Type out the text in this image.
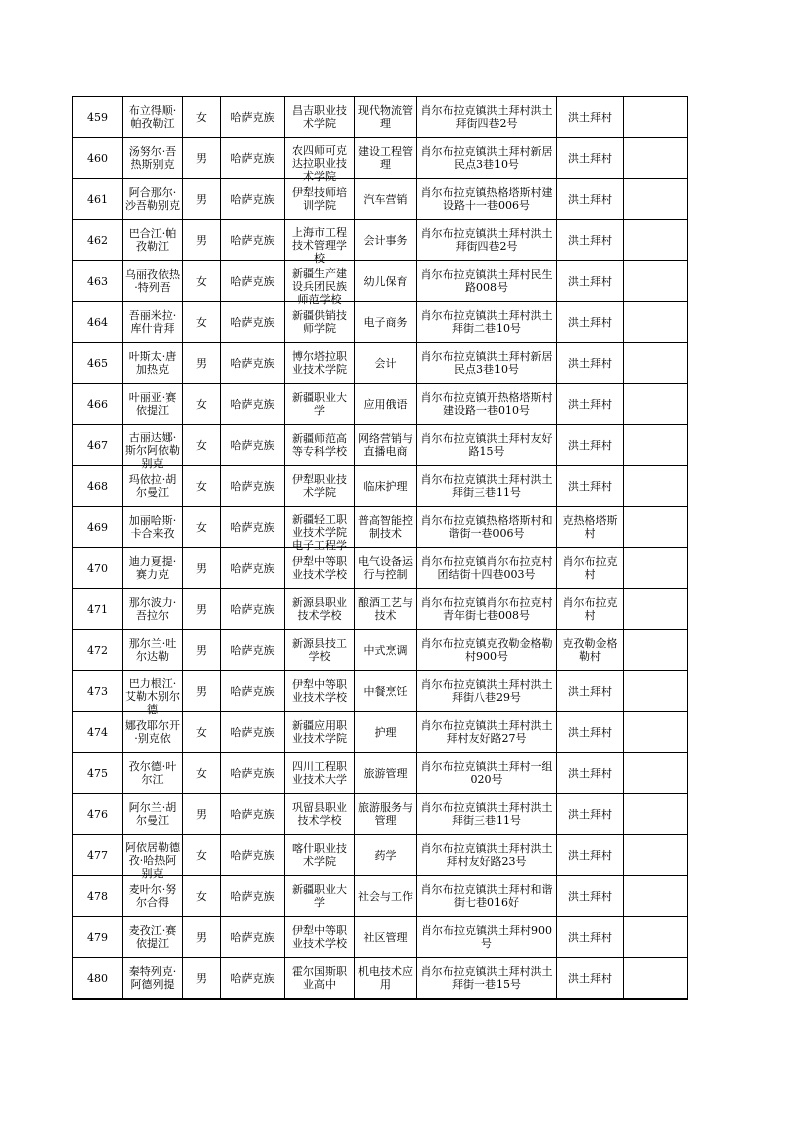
459	布立得顺·帕孜勒江	女	哈萨克族	昌吉职业技术学院	现代物流管理	肖尔布拉克镇洪土拜村洪土拜街四巷2号	洪土拜村	

460	汤努尔·吾热斯别克	男	哈萨克族	农四师可克达拉职业技术学院	建设工程管理	肖尔布拉克镇洪土拜村新居民点3巷10号	洪土拜村	

461	阿合那尔·沙吾勒别克	男	哈萨克族	伊犁技师培训学院	汽车营销	肖尔布拉克镇热格塔斯村建设路十一巷006号	洪土拜村	

462	巴合江·帕孜勒江	男	哈萨克族	上海市工程技术管理学校	会计事务	肖尔布拉克镇洪土拜村洪土拜街四巷2号	洪土拜村	

463	乌丽孜依热·特列吾	女	哈萨克族	新疆生产建设兵团民族师范学校	幼儿保育	肖尔布拉克镇洪土拜村民生路008号	洪土拜村	

464	吾丽米拉·库什肯拜	女	哈萨克族	新疆供销技师学院	电子商务	肖尔布拉克镇洪土拜村洪土拜街二巷10号	洪土拜村	

465	叶斯太·唐加热克	男	哈萨克族	博尔塔拉职业技术学院	会计	肖尔布拉克镇洪土拜村新居民点3巷10号	洪土拜村	

466	叶丽亚·赛依提江	女	哈萨克族	新疆职业大学	应用俄语	肖尔布拉克镇开热格塔斯村建设路一巷010号	洪土拜村	

467	古丽达娜·斯尔阿依勒别克	女	哈萨克族	新疆师范高等专科学校	网络营销与直播电商	肖尔布拉克镇洪土拜村友好路15号	洪土拜村	

468	玛依拉·胡尔曼江	女	哈萨克族	伊犁职业技术学院	临床护理	肖尔布拉克镇洪土拜村洪土拜街三巷11号	洪土拜村	

469	加丽哈斯·卡合来孜	女	哈萨克族	新疆轻工职业技术学院电子工程学	普高智能控制技术	肖尔布拉克镇热格塔斯村和谐街一巷006号	克热格塔斯村	

470	迪力夏提·赛力克	男	哈萨克族	伊犁中等职业技术学校	电气设备运行与控制	肖尔布拉克镇肖尔布拉克村团结街十四巷003号	肖尔布拉克村	

471	那尔波力·吾拉尔	男	哈萨克族	新源县职业技术学校	酿酒工艺与技术	肖尔布拉克镇肖尔布拉克村青年街七巷008号	肖尔布拉克村	

472	那尔兰·吐尔达勒	男	哈萨克族	新源县技工学校	中式烹调	肖尔布拉克镇克孜勒金格勒村900号	克孜勒金格勒村	

473	巴力根江·艾勒木别尔德	男	哈萨克族	伊犁中等职业技术学校	中餐烹饪	肖尔布拉克镇洪土拜村洪土拜街八巷29号	洪土拜村	

474	娜孜耶尔开·别克依	女	哈萨克族	新疆应用职业技术学院	护理	肖尔布拉克镇洪土拜村洪土拜村友好路27号	洪土拜村	

475	孜尔德·叶尔江	女	哈萨克族	四川工程职业技术大学	旅游管理	肖尔布拉克镇洪土拜村一组020号	洪土拜村	

476	阿尔兰·胡尔曼江	男	哈萨克族	巩留县职业技术学校	旅游服务与管理	肖尔布拉克镇洪土拜村洪土拜街三巷11号	洪土拜村	

477	阿依居勒德孜·哈热阿别克	女	哈萨克族	喀什职业技术学院	药学	肖尔布拉克镇洪土拜村洪土拜村友好路23号	洪土拜村	

478	麦叶尔·努尔合得	女	哈萨克族	新疆职业大学	社会与工作	肖尔布拉克镇洪土拜村和谐街七巷016好	洪土拜村	

479	麦孜江·赛依提江	男	哈萨克族	伊犁中等职业技术学校	社区管理	肖尔布拉克镇洪土拜村900号	洪土拜村	

480	秦特列克·阿德列提	男	哈萨克族	霍尔国斯职业高中	机电技术应用	肖尔布拉克镇洪土拜村洪土拜街一巷15号	洪土拜村	
